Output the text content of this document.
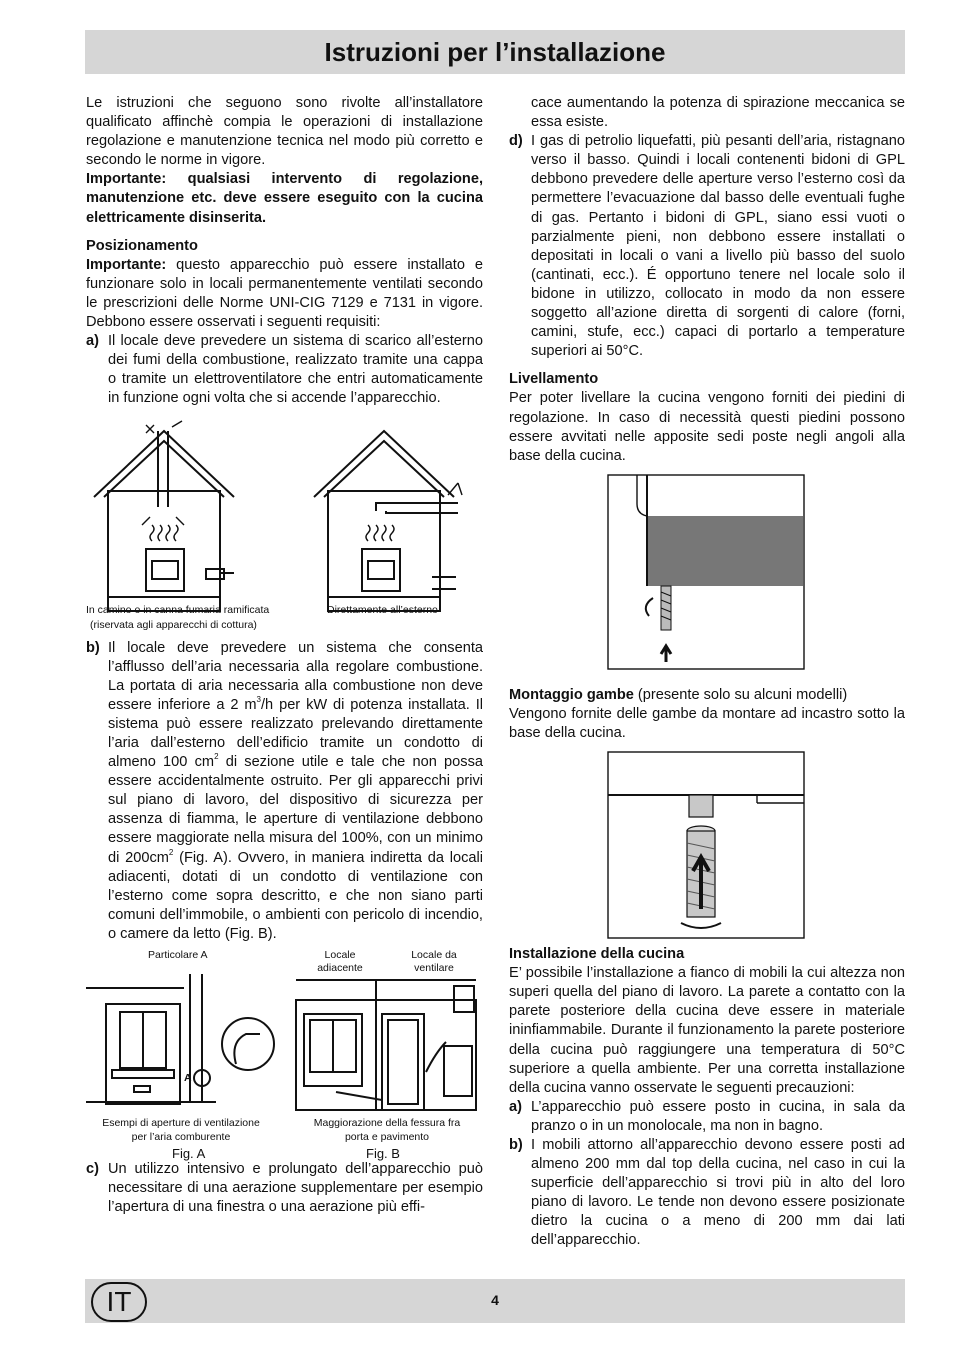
Istruzioni per l’installazione

Le istruzioni che seguono sono rivolte all’installatore qualificato affinchè compia le operazioni di installazione regolazione e manutenzione tecnica nel modo più corretto e secondo le norme in vigore.

Importante: qualsiasi intervento di regolazione, manutenzione etc. deve essere eseguito con la cucina elettricamente disinserita.

Posizionamento

Importante: questo apparecchio può essere installato e funzionare solo in locali permanentemente ventilati secondo le prescrizioni delle Norme UNI-CIG 7129 e 7131 in vigore. Debbono essere osservati i seguenti requisiti:

a) Il locale deve prevedere un sistema di scarico all’esterno dei fumi della combustione, realizzato tramite una cappa o tramite un elettroventilatore che entri automaticamente in funzione ogni volta che si accende l’apparecchio.
In camino o in canna fumaria ramificata
(riservata agli apparecchi di cottura)
Direttamente all’esterno
b) Il locale deve prevedere un sistema che consenta l’afflusso dell’aria necessaria alla regolare combustione. La portata di aria necessaria alla combustione non deve essere inferiore a 2 $m^3/h$ per kW di potenza installata. Il sistema può essere realizzato prelevando direttamente l’aria dall’esterno dell’edificio tramite un condotto di almeno 100 $cm^2$ di sezione utile e tale che non possa essere accidentalmente ostruito. Per gli apparecchi privi sul piano di lavoro, del dispositivo di sicurezza per assenza di fiamma, le aperture di ventilazione debbono essere maggiorate nella misura del 100%, con un minimo di $200cm^2$ (Fig. A). Ovvero, in maniera indiretta da locali adiacenti, dotati di un condotto di ventilazione con l’esterno come sopra descritto, e che non siano parti comuni dell’immobile, o ambienti con pericolo di incendio, o camere da letto (Fig. B).
Particolare A	Locale
adiacente
Locale da
ventilare
A
Esempi di aperture di ventilazione
per l’aria comburente
Maggiorazione della fessura fra
porta e pavimento
Fig. A	Fig. B
c) Un utilizzo intensivo e prolungato dell’apparecchio può necessitare di una aerazione supplementare per esempio l’apertura di una finestra o una aerazione più effi-

cace aumentando la potenza di spirazione meccanica se essa esiste.

d) I gas di petrolio liquefatti, più pesanti dell’aria, ristagnano verso il basso. Quindi i locali contenenti bidoni di GPL debbono prevedere delle aperture verso l’esterno così da permettere l’evacuazione dal basso delle eventuali fughe di gas. Pertanto i bidoni di GPL, siano essi vuoti o parzialmente pieni, non debbono essere installati o depositati in locali o vani a livello più basso del suolo (cantinati, ecc.). É opportuno tenere nel locale solo il bidone in utilizzo, collocato in modo da non essere soggetto all’azione diretta di sorgenti di calore (forni, camini, stufe, ecc.) capaci di portarlo a temperature superiori ai 50°C.

Livellamento

Per poter livellare la cucina vengono forniti dei piedini di regolazione. In caso di necessità questi piedini possono essere avvitati nelle apposite sedi poste negli angoli alla base della cucina.

Montaggio gambe (presente solo su alcuni modelli)

Vengono fornite delle gambe da montare ad incastro sotto la base della cucina.

Installazione della cucina

E’ possibile l’installazione a fianco di mobili la cui altezza non superi quella del piano di lavoro. La parete a contatto con la parete posteriore della cucina deve essere in materiale ininfiammabile. Durante il funzionamento la parete posteriore della cucina può raggiungere una temperatura di 50°C superiore a quella ambiente. Per una corretta installazione della cucina vanno osservate le seguenti precauzioni:

a) L’apparecchio può essere posto in cucina, in sala da pranzo o in un monolocale, ma non in bagno.
b) I mobili attorno all’apparecchio devono essere posti ad almeno 200 mm dal top della cucina, nel caso in cui la superficie dell’apparecchio si trovi più in alto del loro piano di lavoro. Le tende non devono essere posizionate dietro la cucina o a meno di 200 mm dai lati dell’apparecchio.
IT	4
